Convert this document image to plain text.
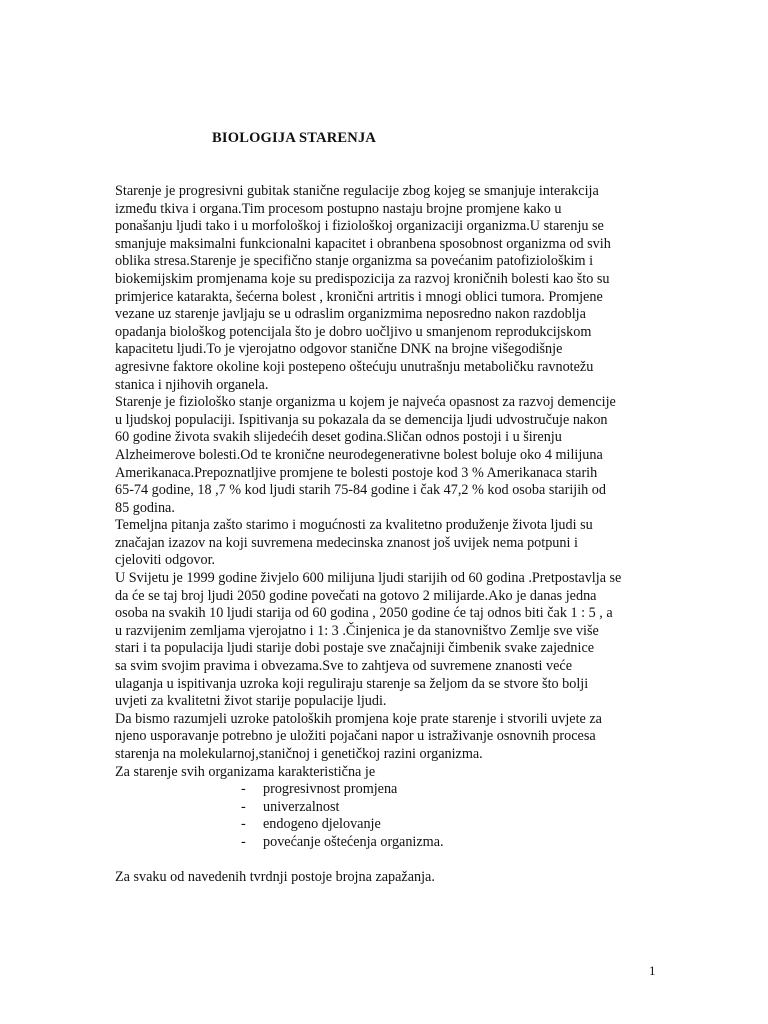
BIOLOGIJA STARENJA
Starenje je progresivni gubitak stanične regulacije zbog kojeg se smanjuje interakcija
između tkiva i organa.Tim procesom postupno nastaju brojne promjene kako u
ponašanju ljudi tako i u morfološkoj i fiziološkoj organizaciji organizma.U starenju se
smanjuje maksimalni funkcionalni kapacitet i obranbena sposobnost organizma od svih
oblika stresa.Starenje je specifično stanje organizma sa povećanim patofiziološkim i
biokemijskim promjenama koje su predispozicija za razvoj kroničnih bolesti kao što su
primjerice katarakta, šećerna bolest , kronični artritis i mnogi oblici tumora. Promjene
vezane uz starenje javljaju se u odraslim organizmima neposredno nakon razdoblja
opadanja biološkog potencijala što je dobro uočljivo u smanjenom reprodukcijskom
kapacitetu ljudi.To je vjerojatno odgovor stanične DNK na brojne višegodišnje
agresivne faktore okoline koji postepeno oštećuju unutrašnju metaboličku ravnotežu
stanica i njihovih organela.
Starenje je fiziološko stanje organizma u kojem je najveća opasnost za razvoj demencije
u ljudskoj populaciji. Ispitivanja su pokazala da se demencija ljudi udvostručuje nakon
60 godine života svakih slijedećih deset godina.Sličan odnos postoji i u širenju
Alzheimerove bolesti.Od te kronične neurodegenerativne bolest boluje oko 4 milijuna
Amerikanaca.Prepoznatljive promjene te bolesti postoje kod 3 % Amerikanaca starih
65-74 godine, 18 ,7 % kod ljudi starih 75-84 godine i čak 47,2 % kod osoba starijih od
85 godina.
Temeljna pitanja zašto starimo i mogućnosti za kvalitetno produženje života ljudi su
značajan izazov na koji suvremena medecinska znanost još uvijek nema potpuni i
cjeloviti odgovor.
U Svijetu je 1999 godine živjelo 600 milijuna ljudi starijih od 60 godina .Pretpostavlja se
da će se taj broj ljudi 2050 godine povečati na gotovo 2 milijarde.Ako je danas jedna
osoba na svakih 10 ljudi starija od 60 godina , 2050 godine će taj odnos biti čak 1 : 5 , a
u razvijenim zemljama vjerojatno i 1: 3 .Činjenica je da stanovništvo Zemlje sve više
stari i ta populacija ljudi starije dobi postaje sve značajniji čimbenik svake zajednice
sa svim svojim pravima i obvezama.Sve to zahtjeva od suvremene znanosti veće
ulaganja u ispitivanja uzroka koji reguliraju starenje sa željom da se stvore što bolji
uvjeti za kvalitetni život starije populacije ljudi.
Da bismo razumjeli uzroke patoloških promjena koje prate starenje i stvorili uvjete za
njeno usporavanje potrebno je uložiti pojačani napor u istraživanje osnovnih procesa
starenja na molekularnoj,staničnoj i genetičkoj razini organizma.
Za starenje svih organizama karakteristična je
- progresivnost promjena
- univerzalnost
- endogeno djelovanje
- povećanje oštećenja organizma.
Za svaku od navedenih tvrdnji postoje brojna zapažanja.
1
